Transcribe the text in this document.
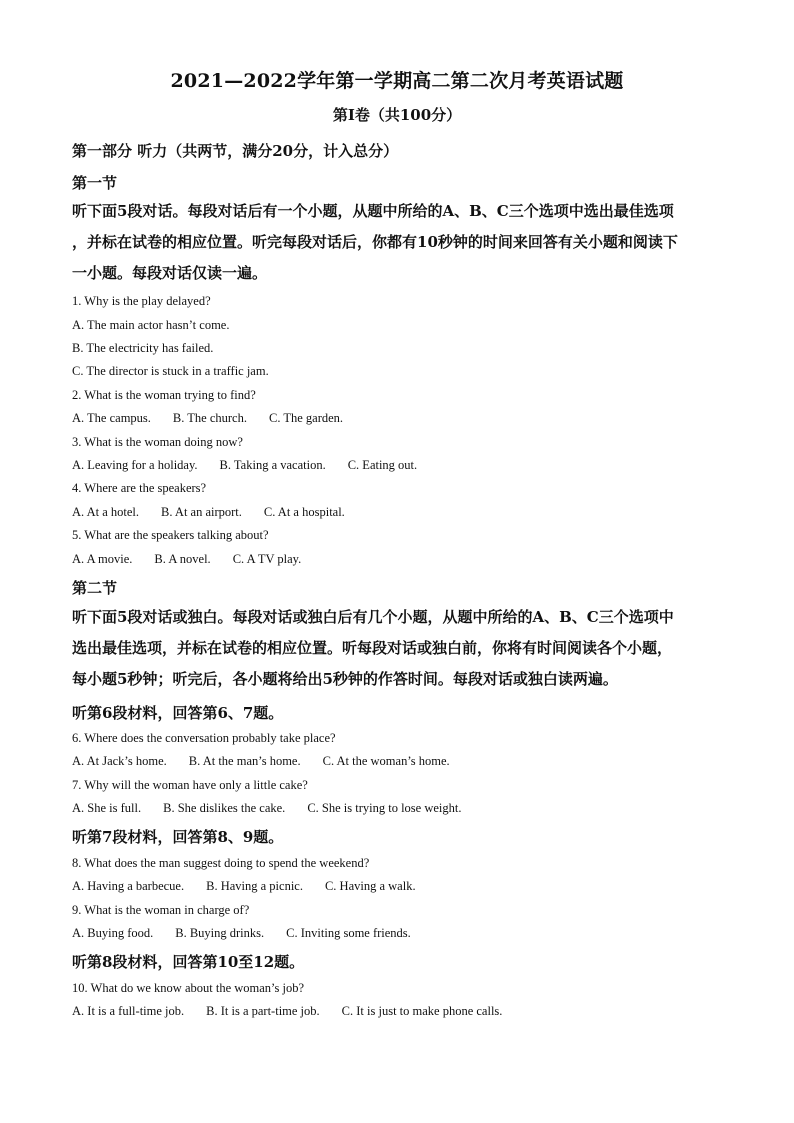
2021—2022学年第一学期高二第二次月考英语试题
第I卷（共100分）
第一部分 听力（共两节，满分20分，计入总分）
第一节
听下面5段对话。每段对话后有一个小题，从题中所给的A、B、C三个选项中选出最佳选项
，并标在试卷的相应位置。听完每段对话后，你都有10秒钟的时间来回答有关小题和阅读下
一小题。每段对话仅读一遍。
1. Why is the play delayed?
A. The main actor hasn’t come.
B. The electricity has failed.
C. The director is stuck in a traffic jam.
2. What is the woman trying to find?
A. The campus. B. The church. C. The garden.
3. What is the woman doing now?
A. Leaving for a holiday. B. Taking a vacation. C. Eating out.
4. Where are the speakers?
A. At a hotel. B. At an airport. C. At a hospital.
5. What are the speakers talking about?
A. A movie. B. A novel. C. A TV play.
第二节
听下面5段对话或独白。每段对话或独白后有几个小题，从题中所给的A、B、C三个选项中
选出最佳选项，并标在试卷的相应位置。听每段对话或独白前，你将有时间阅读各个小题，
每小题5秒钟；听完后，各小题将给出5秒钟的作答时间。每段对话或独白读两遍。
听第6段材料，回答第6、7题。
6. Where does the conversation probably take place?
A. At Jack’s home. B. At the man’s home. C. At the woman’s home.
7. Why will the woman have only a little cake?
A. She is full. B. She dislikes the cake. C. She is trying to lose weight.
听第7段材料，回答第8、9题。
8. What does the man suggest doing to spend the weekend?
A. Having a barbecue. B. Having a picnic. C. Having a walk.
9. What is the woman in charge of?
A. Buying food. B. Buying drinks. C. Inviting some friends.
听第8段材料，回答第10至12题。
10. What do we know about the woman’s job?
A. It is a full-time job. B. It is a part-time job. C. It is just to make phone calls.
